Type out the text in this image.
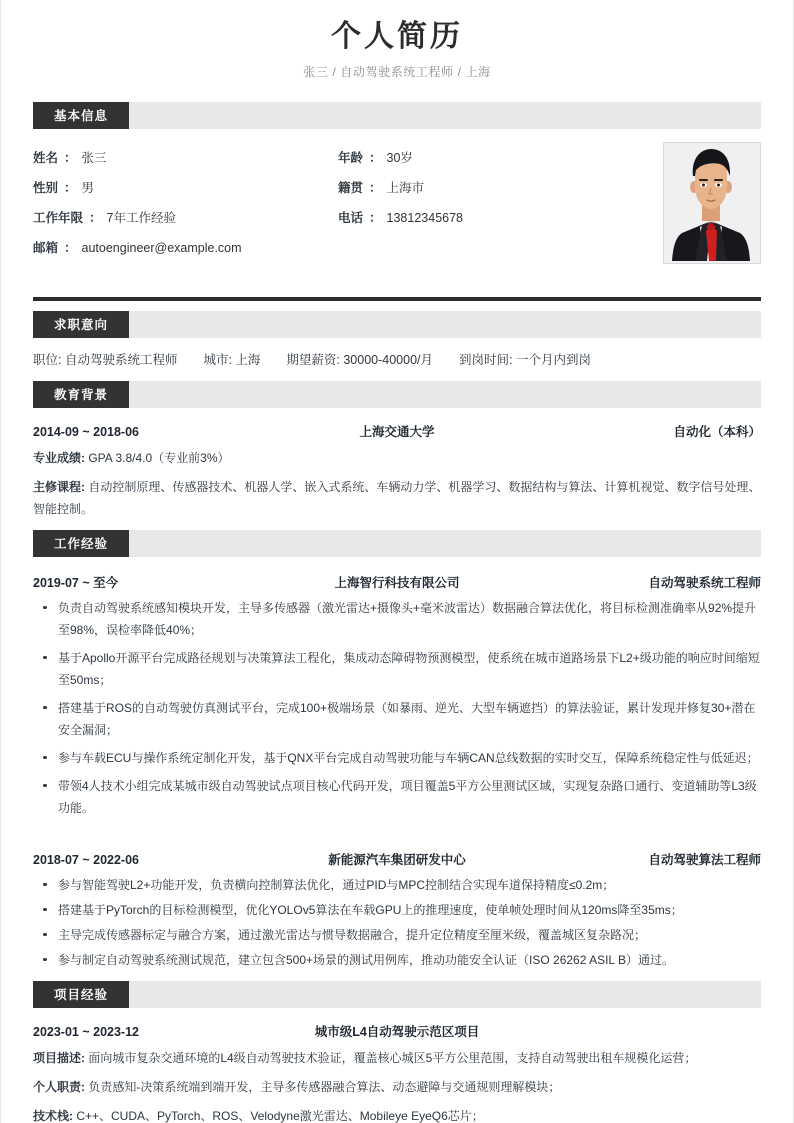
个人简历
张三 / 自动驾驶系统工程师 / 上海
基本信息
姓名 ： 张三	年龄 ： 30岁
性别 ： 男	籍贯 ： 上海市
工作年限 ： 7年工作经验	电话 ： 13812345678
邮箱 ： autoengineer@example.com
求职意向
职位: 自动驾驶系统工程师 城市: 上海 期望薪资: 30000-40000/月 到岗时间: 一个月内到岗
教育背景
2014-09 ~ 2018-06	上海交通大学	自动化（本科）
专业成绩: GPA 3.8/4.0（专业前3%）
主修课程: 自动控制原理、传感器技术、机器人学、嵌入式系统、车辆动力学、机器学习、数据结构与算法、计算机视觉、数字信号处理、智能控制。
工作经验
2019-07 ~ 至今	上海智行科技有限公司	自动驾驶系统工程师
负责自动驾驶系统感知模块开发，主导多传感器（激光雷达+摄像头+毫米波雷达）数据融合算法优化，将目标检测准确率从92%提升至98%，误检率降低40%；
基于Apollo开源平台完成路径规划与决策算法工程化，集成动态障碍物预测模型，使系统在城市道路场景下L2+级功能的响应时间缩短至50ms；
搭建基于ROS的自动驾驶仿真测试平台，完成100+极端场景（如暴雨、逆光、大型车辆遮挡）的算法验证，累计发现并修复30+潜在安全漏洞；
参与车载ECU与操作系统定制化开发，基于QNX平台完成自动驾驶功能与车辆CAN总线数据的实时交互，保障系统稳定性与低延迟；
带领4人技术小组完成某城市级自动驾驶试点项目核心代码开发，项目覆盖5平方公里测试区域，实现复杂路口通行、变道辅助等L3级功能。
2018-07 ~ 2022-06	新能源汽车集团研发中心	自动驾驶算法工程师
参与智能驾驶L2+功能开发，负责横向控制算法优化，通过PID与MPC控制结合实现车道保持精度≤0.2m；
搭建基于PyTorch的目标检测模型，优化YOLOv5算法在车载GPU上的推理速度，使单帧处理时间从120ms降至35ms；
主导完成传感器标定与融合方案，通过激光雷达与惯导数据融合，提升定位精度至厘米级，覆盖城区复杂路况；
参与制定自动驾驶系统测试规范，建立包含500+场景的测试用例库，推动功能安全认证（ISO 26262 ASIL B）通过。
项目经验
2023-01 ~ 2023-12	城市级L4自动驾驶示范区项目
项目描述: 面向城市复杂交通环境的L4级自动驾驶技术验证，覆盖核心城区5平方公里范围，支持自动驾驶出租车规模化运营；
个人职责: 负责感知-决策系统端到端开发，主导多传感器融合算法、动态避障与交通规则理解模块；
技术栈: C++、CUDA、PyTorch、ROS、Velodyne激光雷达、Mobileye EyeQ6芯片；
